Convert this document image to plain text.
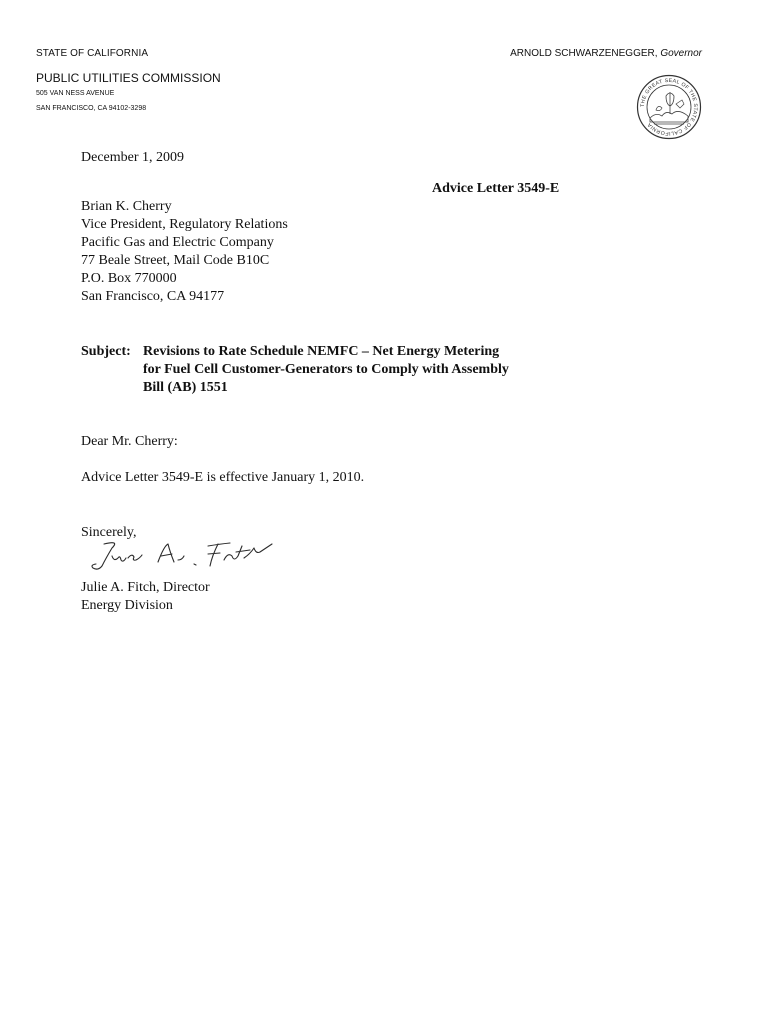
STATE OF CALIFORNIA	ARNOLD SCHWARZENEGGER, Governor
PUBLIC UTILITIES COMMISSION
505 VAN NESS AVENUE
SAN FRANCISCO, CA 94102-3298	THE GREAT SEAL OF THE STATE OF CALIFORNIA
December 1, 2009
Advice Letter 3549-E
Brian K. Cherry
Vice President, Regulatory Relations
Pacific Gas and Electric Company
77 Beale Street, Mail Code B10C
P.O. Box 770000
San Francisco, CA 94177
Subject: Revisions to Rate Schedule NEMFC – Net Energy Metering
for Fuel Cell Customer-Generators to Comply with Assembly
Bill (AB) 1551
Dear Mr. Cherry:
Advice Letter 3549-E is effective January 1, 2010.
Sincerely,
Julie A. Fitch, Director
Energy Division
